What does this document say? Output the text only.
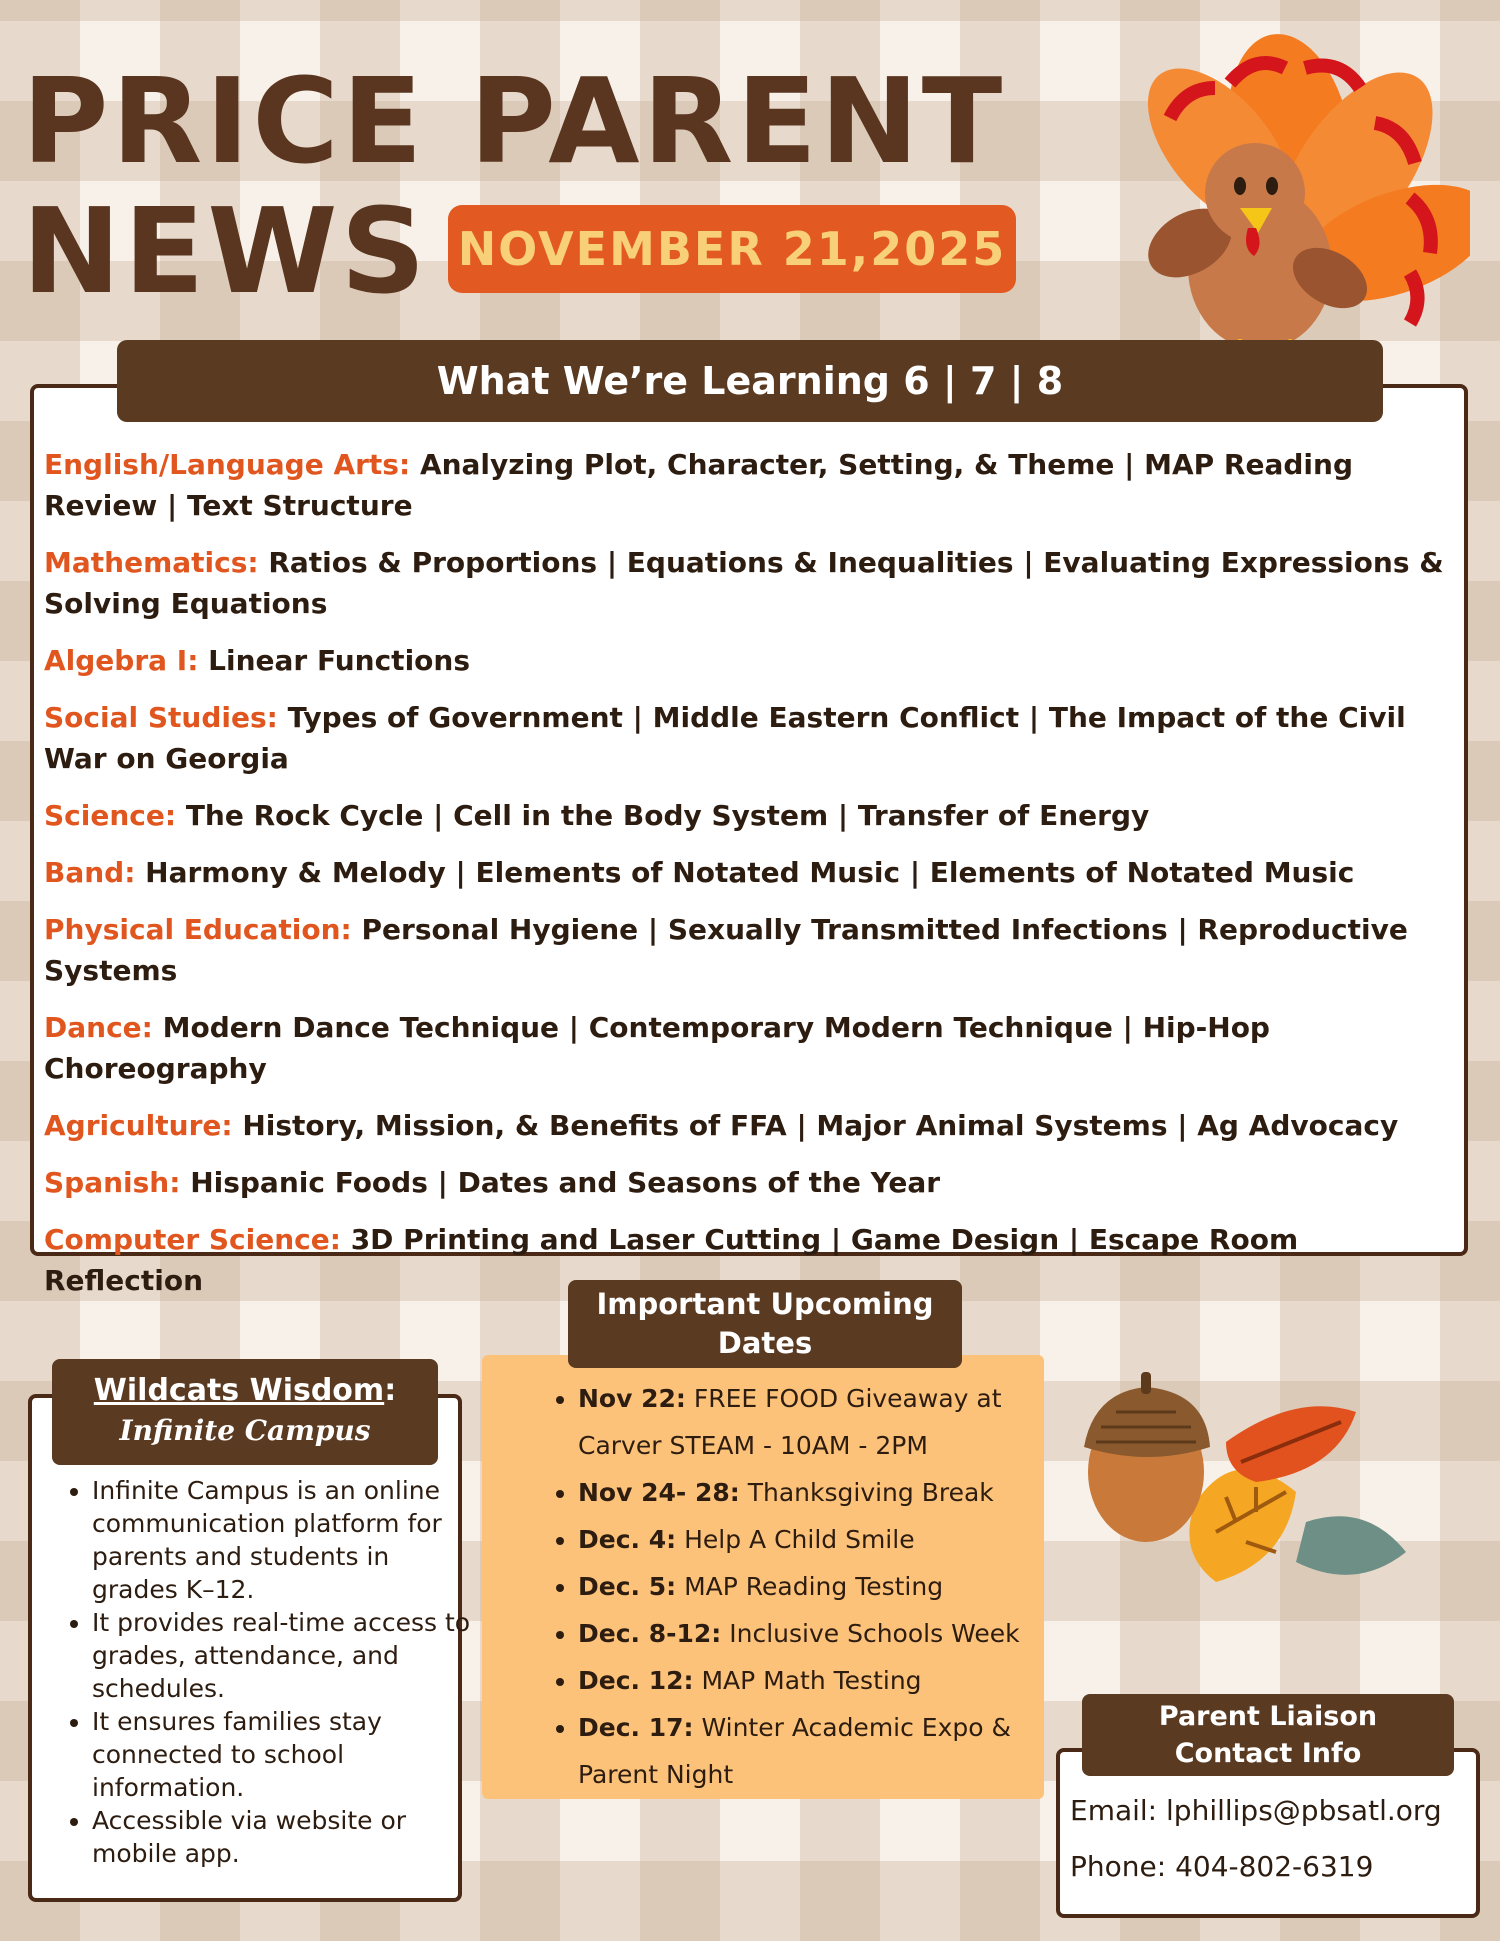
PRICE PARENT
NEWS NOVEMBER 21,2025
What We’re Learning 6 | 7 | 8

English/Language Arts: Analyzing Plot, Character, Setting, & Theme | MAP Reading Review | Text Structure

Mathematics: Ratios & Proportions | Equations & Inequalities | Evaluating Expressions & Solving Equations

Algebra I: Linear Functions

Social Studies: Types of Government | Middle Eastern Conflict | The Impact of the Civil War on Georgia

Science: The Rock Cycle | Cell in the Body System | Transfer of Energy

Band: Harmony & Melody | Elements of Notated Music | Elements of Notated Music

Physical Education: Personal Hygiene | Sexually Transmitted Infections | Reproductive Systems

Dance: Modern Dance Technique | Contemporary Modern Technique | Hip-Hop Choreography

Agriculture: History, Mission, & Benefits of FFA | Major Animal Systems | Ag Advocacy

Spanish: Hispanic Foods | Dates and Seasons of the Year

Computer Science: 3D Printing and Laser Cutting | Game Design | Escape Room Reflection

Wildcats Wisdom:
Infinite Campus
• Infinite Campus is an online communication platform for parents and students in grades K–12.
• It provides real-time access to grades, attendance, and schedules.
• It ensures families stay connected to school information.
• Accessible via website or mobile app.
Important Upcoming Dates
• Nov 22: FREE FOOD Giveaway at Carver STEAM - 10AM - 2PM
• Nov 24- 28: Thanksgiving Break
• Dec. 4: Help A Child Smile
• Dec. 5: MAP Reading Testing
• Dec. 8-12: Inclusive Schools Week
• Dec. 12: MAP Math Testing
• Dec. 17: Winter Academic Expo & Parent Night
Parent Liaison
Contact Info
Email: lphillips@pbsatl.org
Phone: 404-802-6319
